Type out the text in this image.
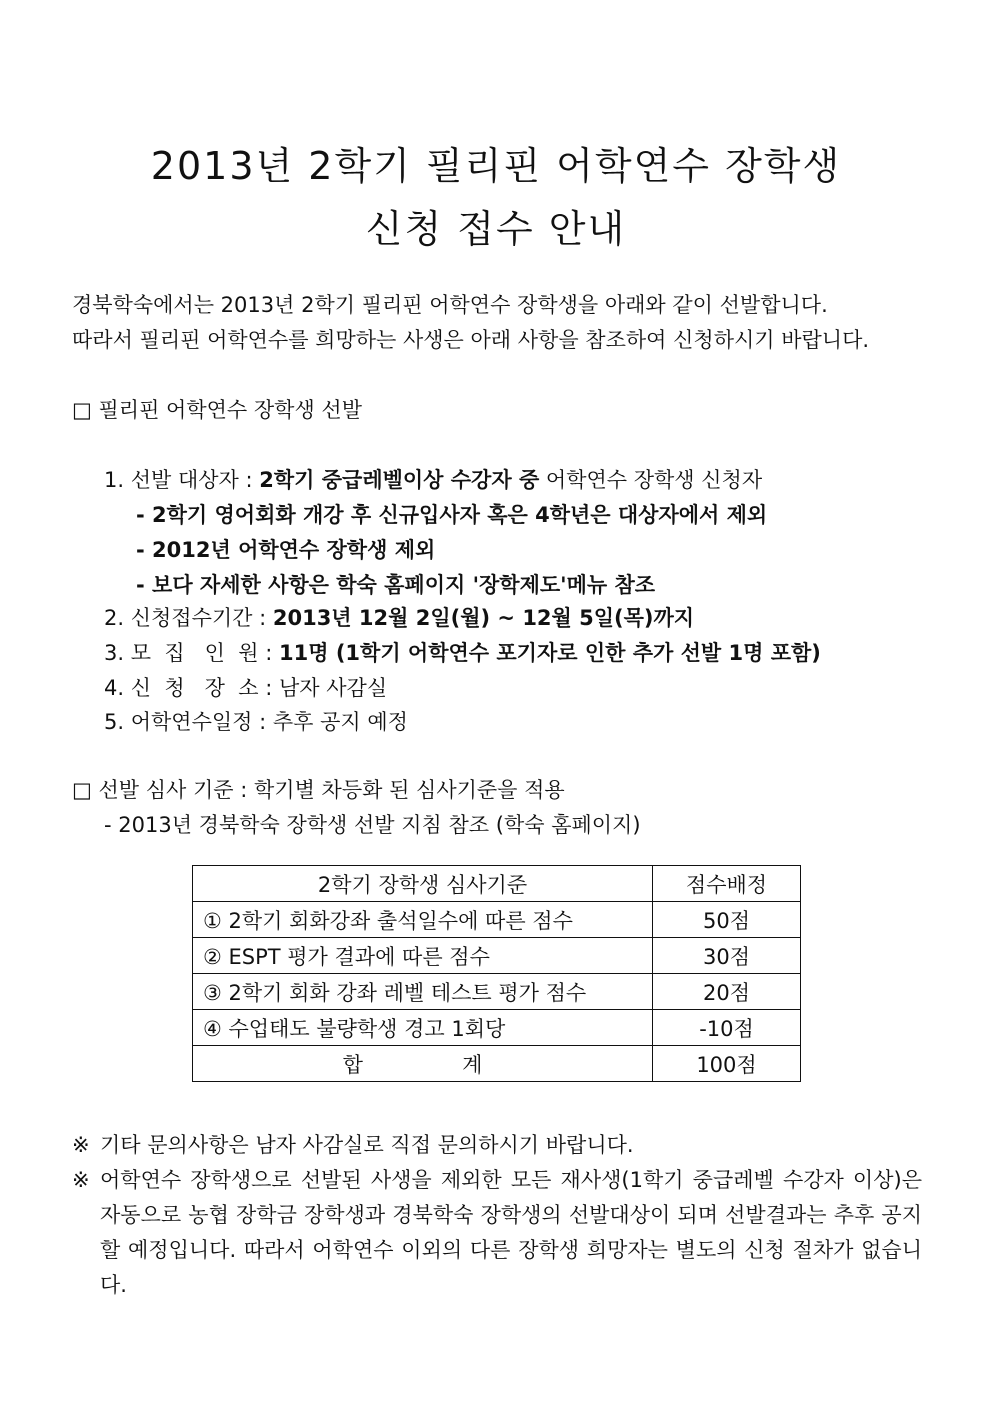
2013년 2학기 필리핀 어학연수 장학생
신청 접수 안내
경북학숙에서는 2013년 2학기 필리핀 어학연수 장학생을 아래와 같이 선발합니다.
따라서 필리핀 어학연수를 희망하는 사생은 아래 사항을 참조하여 신청하시기 바랍니다.
□ 필리핀 어학연수 장학생 선발
1. 선발 대상자 : 2학기 중급레벨이상 수강자 중 어학연수 장학생 신청자
- 2학기 영어회화 개강 후 신규입사자 혹은 4학년은 대상자에서 제외
- 2012년 어학연수 장학생 제외
- 보다 자세한 사항은 학숙 홈페이지 '장학제도'메뉴 참조
2. 신청접수기간 : 2013년 12월 2일(월) ~ 12월 5일(목)까지
3. 모  집   인  원 : 11명 (1학기 어학연수 포기자로 인한 추가 선발 1명 포함)
4. 신  청   장  소 : 남자 사감실
5. 어학연수일정 : 추후 공지 예정
□ 선발 심사 기준 : 학기별 차등화 된 심사기준을 적용
- 2013년 경북학숙 장학생 선발 지침 참조 (학숙 홈페이지)
2학기 장학생 심사기준	점수배정
① 2학기 회화강좌 출석일수에 따른 점수	50점
② ESPT 평가 결과에 따른 점수	30점
③ 2학기 회화 강좌 레벨 테스트 평가 점수	20점
④ 수업태도 불량학생 경고 1회당	-10점

합 계	100점
※ 기타 문의사항은 남자 사감실로 직접 문의하시기 바랍니다.
※ 어학연수 장학생으로 선발된 사생을 제외한 모든 재사생(1학기 중급레벨 수강자 이상)은 자동으로 농협 장학금 장학생과 경북학숙 장학생의 선발대상이 되며 선발결과는 추후 공지할 예정입니다. 따라서 어학연수 이외의 다른 장학생 희망자는 별도의 신청 절차가 없습니다.
